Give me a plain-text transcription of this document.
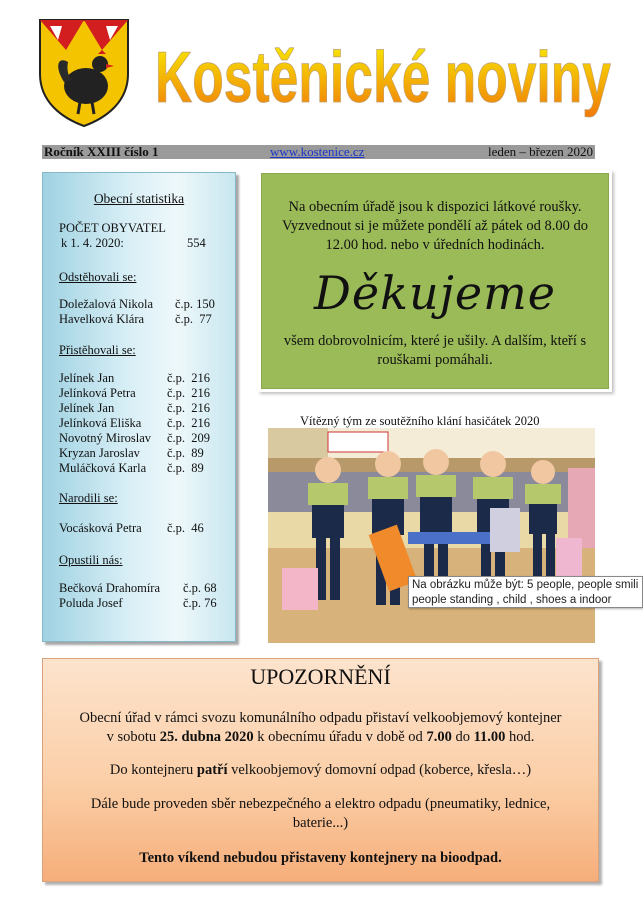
Kostěnické noviny
Ročník XXIII číslo 1	www.kostenice.cz	leden – březen 2020
Obecní statistika
POČET OBYVATEL
k 1. 4. 2020:	554
Odstěhovali se:
Doležalová Nikola č.p. 150
Havelková Klára č.p.  77
Přistěhovali se:
Jelínek Jan	č.p.  216
Jelínková Petra	č.p.  216
Jelínek Jan	č.p.  216
Jelínková Eliška č.p.  216
Novotný Miroslav č.p.  209
Kryzan Jaroslav č.p.  89
Muláčková Karla č.p.  89
Narodili se:
Vocásková Petra č.p.  46
Opustili nás:
Bečková Drahomíra č.p. 68
Poluda Josef	č.p. 76
Na obecním úřadě jsou k dispozici látkové roušky. Vyzvednout si je můžete pondělí až pátek od 8.00 do 12.00 hod. nebo v úředních hodinách.
Děkujeme
všem dobrovolnicím, které je ušily. A dalším, kteří s rouškami pomáhali.
Vítězný tým ze soutěžního klání hasičátek 2020
Na obrázku může být: 5 people, people smili
people standing , child , shoes a indoor
UPOZORNĚNÍ
Obecní úřad v rámci svozu komunálního odpadu přistaví velkoobjemový kontejner
v sobotu 25. dubna 2020 k obecnímu úřadu v době od 7.00 do 11.00 hod.
Do kontejneru patří velkoobjemový domovní odpad (koberce, křesla…)
Dále bude proveden sběr nebezpečného a elektro odpadu (pneumatiky, lednice, baterie...)
Tento víkend nebudou přistaveny kontejnery na bioodpad.
